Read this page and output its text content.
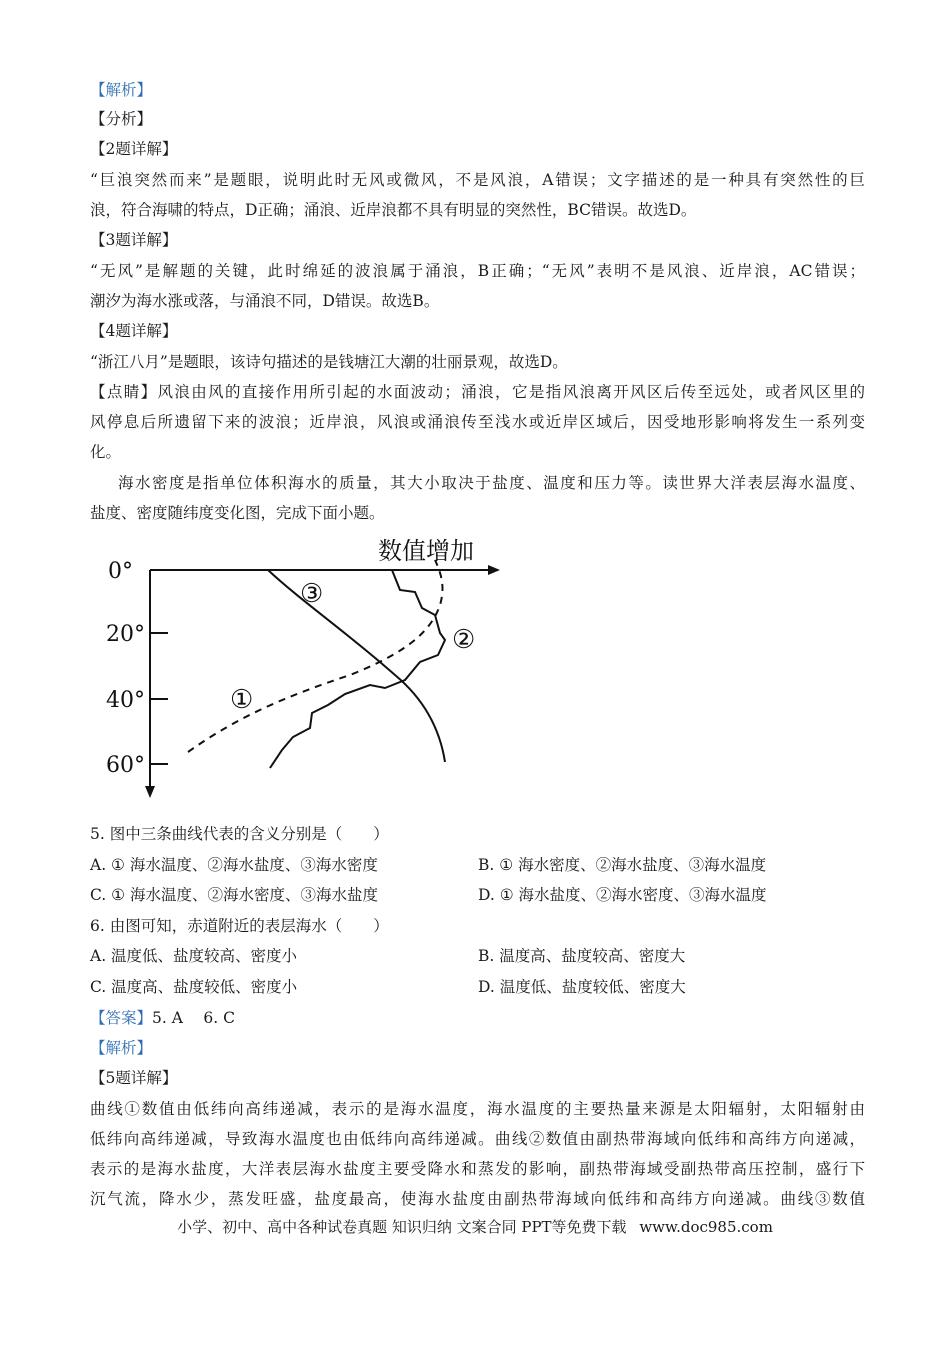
【解析】
【分析】
【2题详解】
“巨浪突然而来”是题眼，说明此时无风或微风，不是风浪，A错误；文字描述的是一种具有突然性的巨
浪，符合海啸的特点，D正确；涌浪、近岸浪都不具有明显的突然性，BC错误。故选D。
【3题详解】
“无风”是解题的关键，此时绵延的波浪属于涌浪，B正确；“无风”表明不是风浪、近岸浪，AC错误；
潮汐为海水涨或落，与涌浪不同，D错误。故选B。
【4题详解】
“浙江八月”是题眼，该诗句描述的是钱塘江大潮的壮丽景观，故选D。
【点睛】风浪由风的直接作用所引起的水面波动；涌浪，它是指风浪离开风区后传至远处，或者风区里的
风停息后所遗留下来的波浪；近岸浪，风浪或涌浪传至浅水或近岸区域后，因受地形影响将发生一系列变
化。
海水密度是指单位体积海水的质量，其大小取决于盐度、温度和压力等。读世界大洋表层海水温度、
盐度、密度随纬度变化图，完成下面小题。
0°
20°
40°
60°
数值增加
③
②
①
5. 图中三条曲线代表的含义分别是（　　）
A. ① 海水温度、②海水盐度、③海水密度	B. ① 海水密度、②海水盐度、③海水温度
C. ① 海水温度、②海水密度、③海水盐度	D. ① 海水盐度、②海水密度、③海水温度
6. 由图可知，赤道附近的表层海水（　　）
A. 温度低、盐度较高、密度小	B. 温度高、盐度较高、密度大
C. 温度高、盐度较低、密度小	D. 温度低、盐度较低、密度大
【答案】5. A　 6. C
【解析】
【5题详解】
曲线①数值由低纬向高纬递减，表示的是海水温度，海水温度的主要热量来源是太阳辐射，太阳辐射由
低纬向高纬递减，导致海水温度也由低纬向高纬递减。曲线②数值由副热带海域向低纬和高纬方向递减，
表示的是海水盐度，大洋表层海水盐度主要受降水和蒸发的影响，副热带海域受副热带高压控制，盛行下
沉气流，降水少，蒸发旺盛，盐度最高，使海水盐度由副热带海域向低纬和高纬方向递减。曲线③数值
小学、初中、高中各种试卷真题 知识归纳 文案合同 PPT等免费下载 www.doc985.com
